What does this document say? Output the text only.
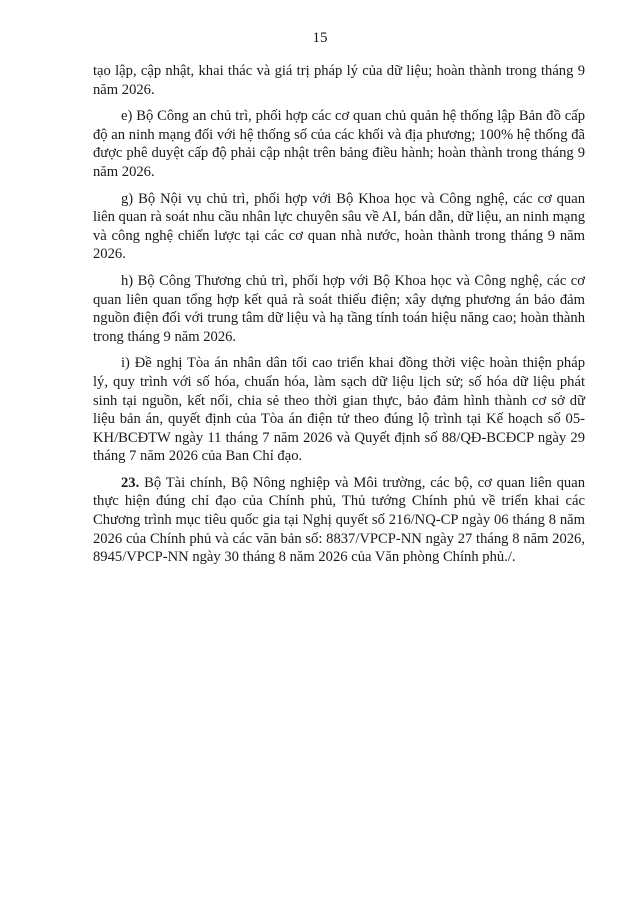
15

tạo lập, cập nhật, khai thác và giá trị pháp lý của dữ liệu; hoàn thành trong tháng 9 năm 2026.

e) Bộ Công an chủ trì, phối hợp các cơ quan chủ quản hệ thống lập Bản đồ cấp độ an ninh mạng đối với hệ thống số của các khối và địa phương; 100% hệ thống đã được phê duyệt cấp độ phải cập nhật trên bảng điều hành; hoàn thành trong tháng 9 năm 2026.

g) Bộ Nội vụ chủ trì, phối hợp với Bộ Khoa học và Công nghệ, các cơ quan liên quan rà soát nhu cầu nhân lực chuyên sâu về AI, bán dẫn, dữ liệu, an ninh mạng và công nghệ chiến lược tại các cơ quan nhà nước, hoàn thành trong tháng 9 năm 2026.

h) Bộ Công Thương chủ trì, phối hợp với Bộ Khoa học và Công nghệ, các cơ quan liên quan tổng hợp kết quả rà soát thiếu điện; xây dựng phương án bảo đảm nguồn điện đối với trung tâm dữ liệu và hạ tầng tính toán hiệu năng cao; hoàn thành trong tháng 9 năm 2026.

i) Đề nghị Tòa án nhân dân tối cao triển khai đồng thời việc hoàn thiện pháp lý, quy trình với số hóa, chuẩn hóa, làm sạch dữ liệu lịch sử; số hóa dữ liệu phát sinh tại nguồn, kết nối, chia sẻ theo thời gian thực, bảo đảm hình thành cơ sở dữ liệu bản án, quyết định của Tòa án điện tử theo đúng lộ trình tại Kế hoạch số 05-KH/BCĐTW ngày 11 tháng 7 năm 2026 và Quyết định số 88/QĐ-BCĐCP ngày 29 tháng 7 năm 2026 của Ban Chỉ đạo.

23. Bộ Tài chính, Bộ Nông nghiệp và Môi trường, các bộ, cơ quan liên quan thực hiện đúng chỉ đạo của Chính phủ, Thủ tướng Chính phủ về triển khai các Chương trình mục tiêu quốc gia tại Nghị quyết số 216/NQ-CP ngày 06 tháng 8 năm 2026 của Chính phủ và các văn bản số: 8837/VPCP-NN ngày 27 tháng 8 năm 2026, 8945/VPCP-NN ngày 30 tháng 8 năm 2026 của Văn phòng Chính phủ./.
